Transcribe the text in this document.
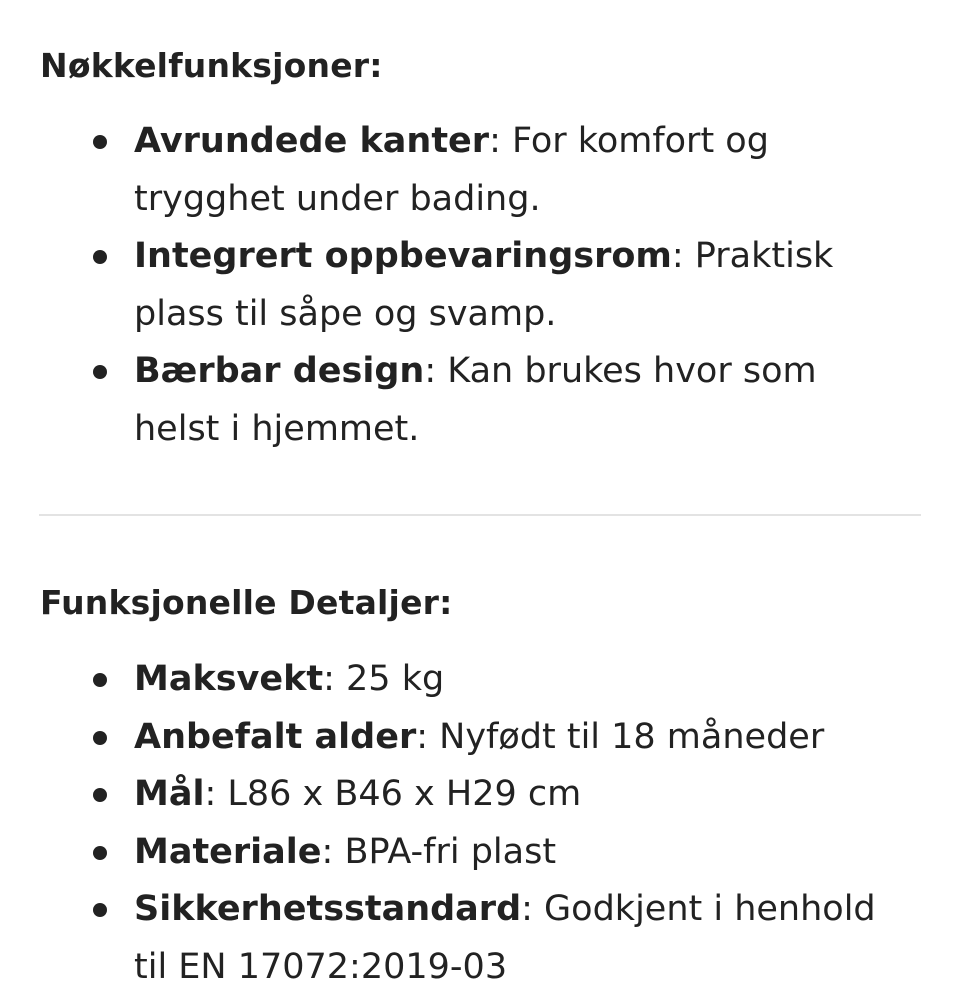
Nøkkelfunksjoner:
Avrundede kanter: For komfort og trygghet under bading.
Integrert oppbevaringsrom: Praktisk plass til såpe og svamp.
Bærbar design: Kan brukes hvor som helst i hjemmet.
Funksjonelle Detaljer:
Maksvekt: 25 kg
Anbefalt alder: Nyfødt til 18 måneder
Mål: L86 x B46 x H29 cm
Materiale: BPA-fri plast
Sikkerhetsstandard: Godkjent i henhold til EN 17072:2019-03
